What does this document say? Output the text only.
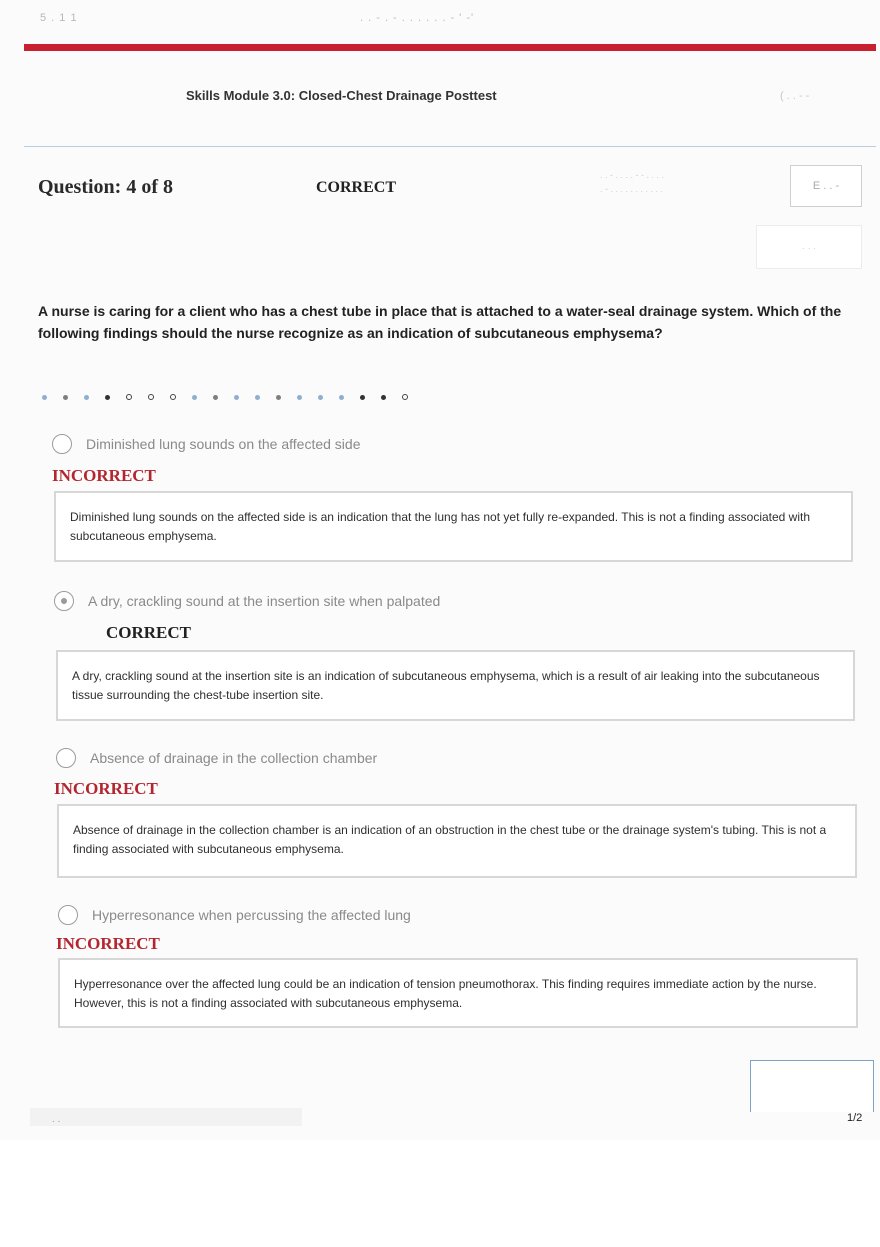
5 . 1 1	. . - . - . . . . . . - ' -'
Skills Module 3.0: Closed-Chest Drainage Posttest	( . . - -
Question: 4 of 8	CORRECT
. . - . . . . - - . . . .
. - . . . . . . . . . . .	E . . -
. . .
A nurse is caring for a client who has a chest tube in place that is attached to a water-seal drainage system. Which of the following findings should the nurse recognize as an indication of subcutaneous emphysema?
Diminished lung sounds on the affected side
INCORRECT
Diminished lung sounds on the affected side is an indication that the lung has not yet fully re-expanded. This is not a finding associated with subcutaneous emphysema.
A dry, crackling sound at the insertion site when palpated
CORRECT
A dry, crackling sound at the insertion site is an indication of subcutaneous emphysema, which is a result of air leaking into the subcutaneous tissue surrounding the chest-tube insertion site.
Absence of drainage in the collection chamber
INCORRECT
Absence of drainage in the collection chamber is an indication of an obstruction in the chest tube or the drainage system's tubing. This is not a finding associated with subcutaneous emphysema.
Hyperresonance when percussing the affected lung
INCORRECT
Hyperresonance over the affected lung could be an indication of tension pneumothorax. This finding requires immediate action by the nurse. However, this is not a finding associated with subcutaneous emphysema.
. .	1/2
